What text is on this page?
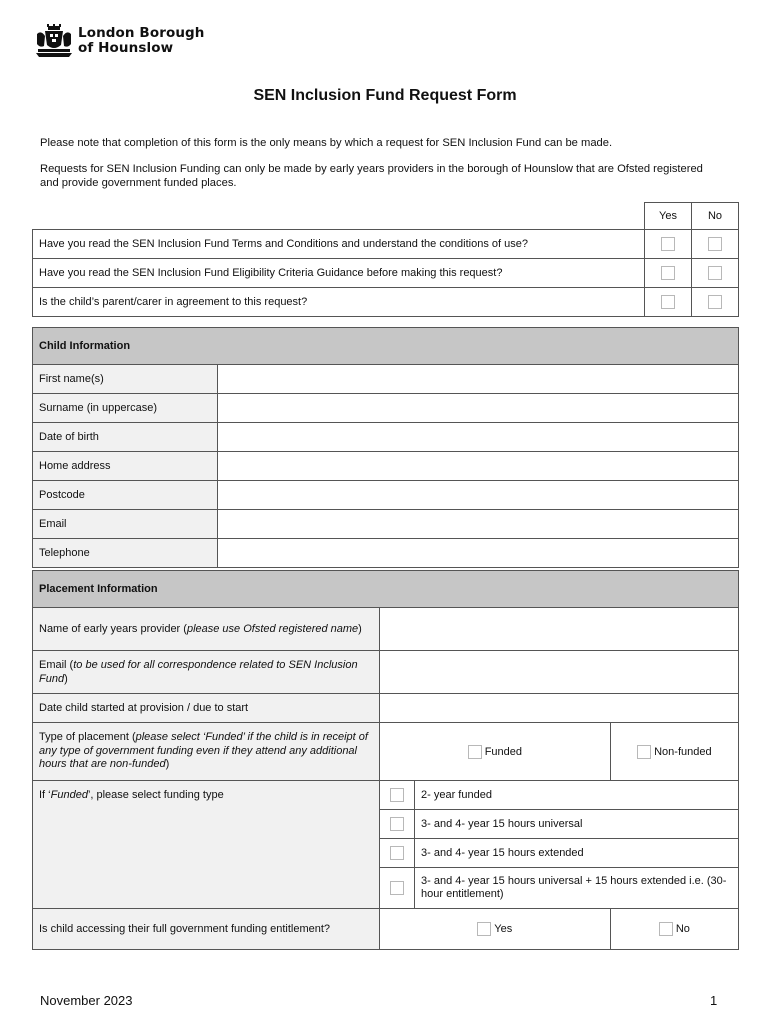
London Borough
of Hounslow
SEN Inclusion Fund Request Form
Please note that completion of this form is the only means by which a request for SEN Inclusion Fund can be made.
Requests for SEN Inclusion Funding can only be made by early years providers in the borough of Hounslow that are Ofsted registered and provide government funded places.
	Yes	No
Have you read the SEN Inclusion Fund Terms and Conditions and understand the conditions of use?		
Have you read the SEN Inclusion Fund Eligibility Criteria Guidance before making this request?		
Is the child’s parent/carer in agreement to this request?		
Child Information	
First name(s)	
Surname (in uppercase)	
Date of birth	
Home address	
Postcode	
Email	
Telephone	
Placement Information			
Name of early years provider (please use Ofsted registered name)			
Email (to be used for all correspondence related to SEN Inclusion Fund)			
Date child started at provision / due to start			
Type of placement (please select ‘Funded’ if the child is in receipt of any type of government funding even if they attend any additional hours that are non-funded)	Funded		Non-funded
If ‘Funded’, please select funding type		2- year funded	
		3- and 4- year 15 hours universal	
		3- and 4- year 15 hours extended	
		3- and 4- year 15 hours universal + 15 hours extended i.e. (30- hour entitlement)	
Is child accessing their full government funding entitlement?	Yes		No
November 2023	1
